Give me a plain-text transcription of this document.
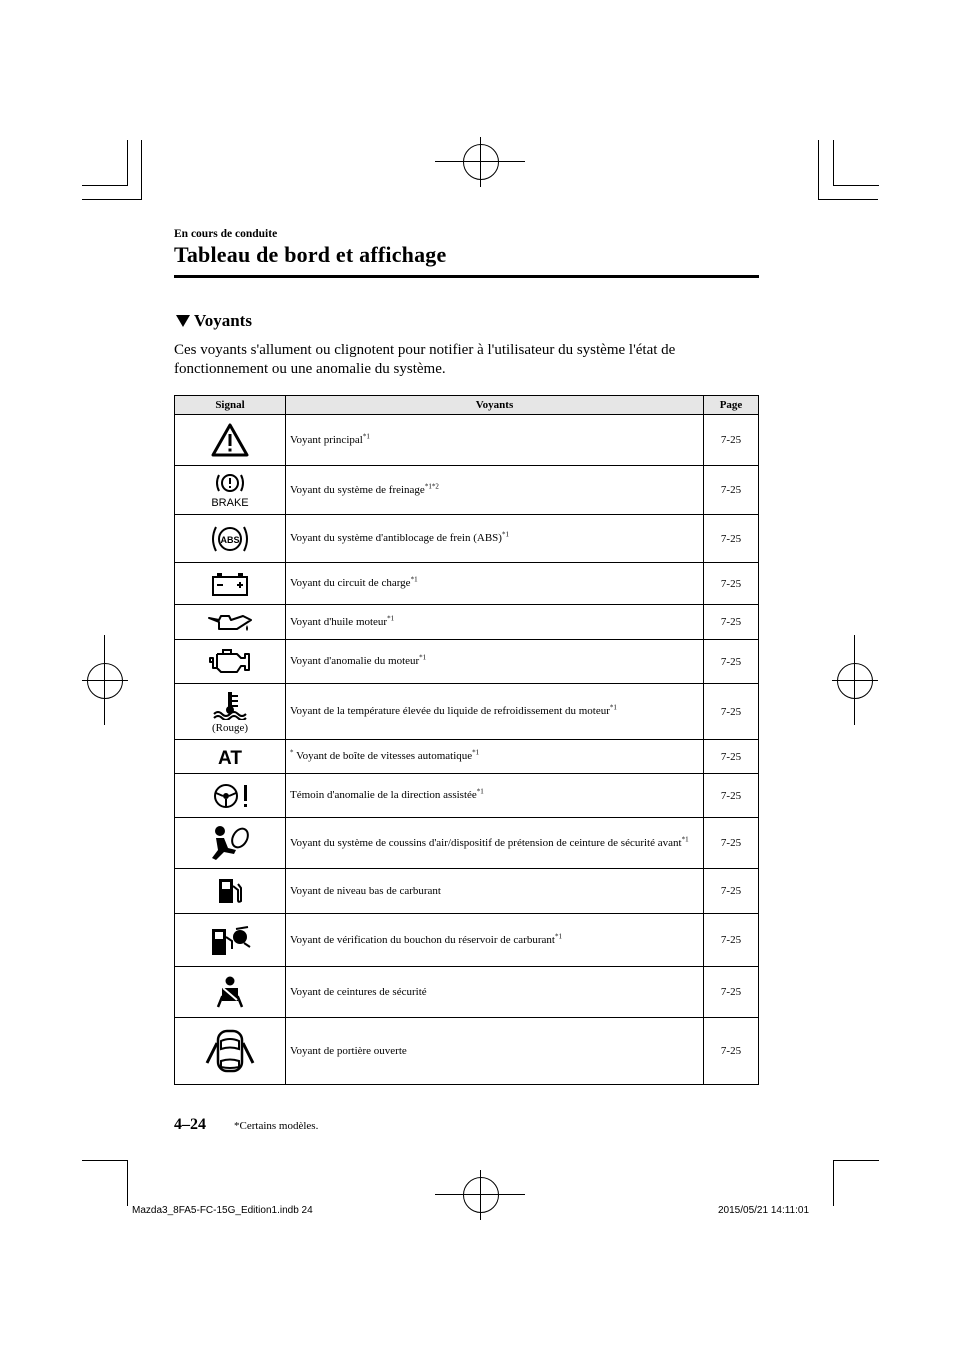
En cours de conduite
Tableau de bord et affichage
Voyants
Ces voyants s'allument ou clignotent pour notifier à l'utilisateur du système l'état de fonctionnement ou une anomalie du système.
Signal	Voyants	Page

	Voyant principal$^{*1}$	7-25

BRAKE	Voyant du système de freinage$^{*1*2}$	7-25

ABS	Voyant du système d'antiblocage de frein (ABS)$^{*1}$	7-25

	Voyant du circuit de charge$^{*1}$	7-25

	Voyant d'huile moteur$^{*1}$	7-25

	Voyant d'anomalie du moteur$^{*1}$	7-25

(Rouge)	Voyant de la température élevée du liquide de refroidissement du moteur$^{*1}$	7-25

AT	* Voyant de boîte de vitesses automatique$^{*1}$	7-25

	Témoin d'anomalie de la direction assistée$^{*1}$	7-25

	Voyant du système de coussins d'air/dispositif de prétension de ceinture de sécurité avant$^{*1}$	7-25

	Voyant de niveau bas de carburant	7-25

	Voyant de vérification du bouchon du réservoir de carburant$^{*1}$	7-25

	Voyant de ceintures de sécurité	7-25

	Voyant de portière ouverte	7-25
4–24	*Certains modèles.
Mazda3_8FA5-FC-15G_Edition1.indb 24	2015/05/21 14:11:01
